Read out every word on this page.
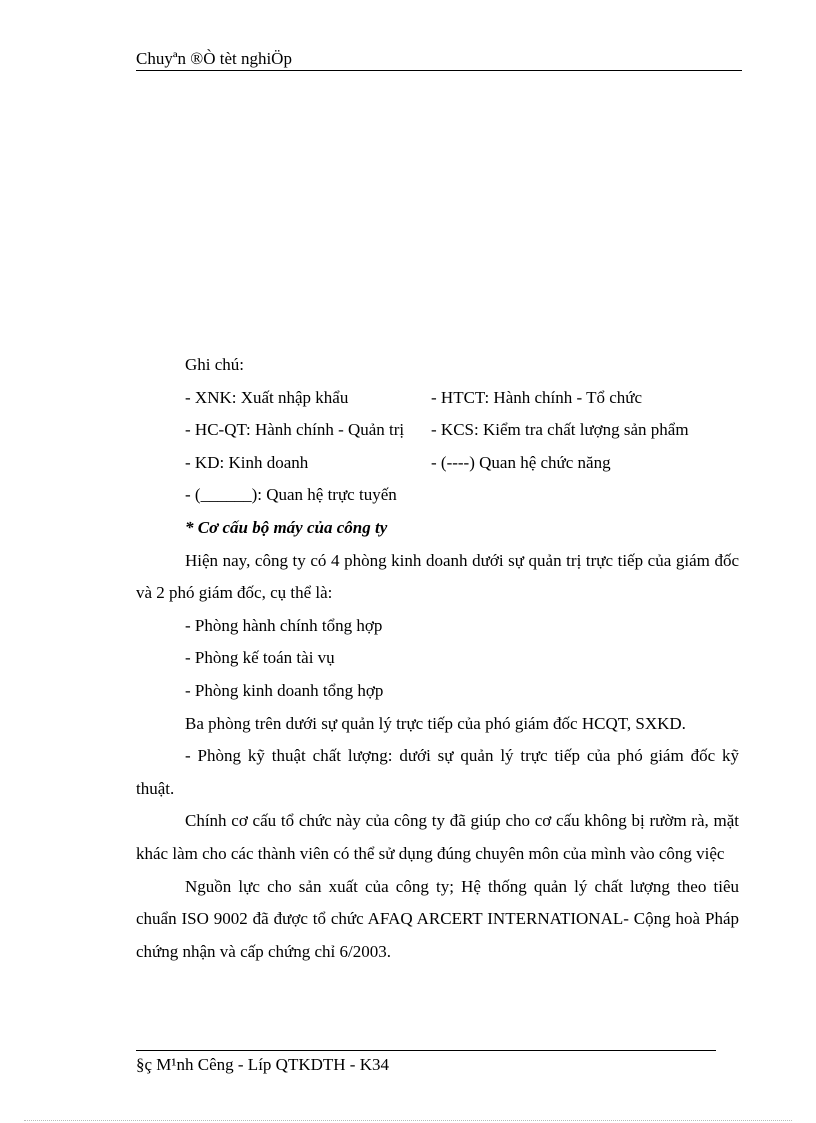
Chuyªn ®Ò tèt nghiÖp

Ghi chú:

- XNK: Xuất nhập khẩu	- HTCT: Hành chính - Tổ chức
- HC-QT: Hành chính - Quản trị	- KCS: Kiểm tra chất lượng sản phẩm
- KD: Kinh doanh	- (----) Quan hệ chức năng

- (______): Quan hệ trực tuyến

* Cơ cấu bộ máy của công ty

Hiện nay, công ty có 4 phòng kinh doanh dưới sự quản trị trực tiếp của giám đốc và 2 phó giám đốc, cụ thể là:

- Phòng hành chính tổng hợp

- Phòng kế toán tài vụ

- Phòng kinh doanh tổng hợp

Ba phòng trên dưới sự quản lý trực tiếp của phó giám đốc HCQT, SXKD.

- Phòng kỹ thuật chất lượng: dưới sự quản lý trực tiếp của phó giám đốc kỹ thuật.

Chính cơ cấu tổ chức này của công ty đã giúp cho cơ cấu không bị rườm rà, mặt khác làm cho các thành viên có thể sử dụng đúng chuyên môn của mình vào công việc

Nguồn lực cho sản xuất của công ty; Hệ thống quản lý chất lượng theo tiêu chuẩn ISO 9002 đã được tổ chức AFAQ ARCERT INTERNATIONAL- Cộng hoà Pháp chứng nhận và cấp chứng chỉ 6/2003.

§ç M¹nh Cêng - Líp QTKDTH - K34
